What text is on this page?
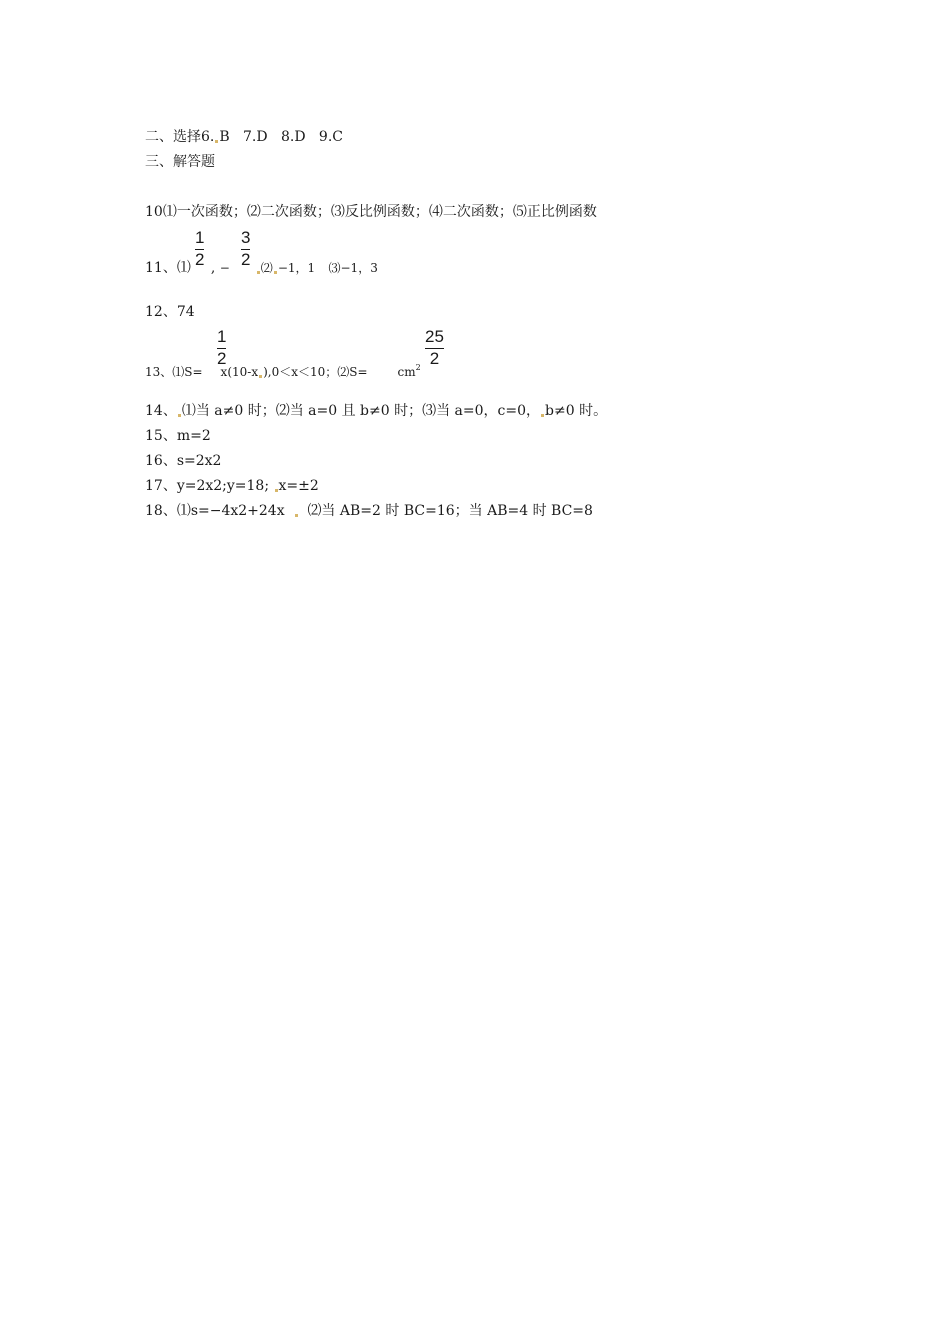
二、选择6. B 7.D 8.D 9.C
三、解答题
10⑴一次函数；⑵二次函数；⑶反比例函数；⑷二次函数；⑸正比例函数
$\frac{1}{2} \frac{3}{2}$
11、⑴ , −	⑵ −1，1 ⑶−1，3
12、74
$\frac{1}{2}$	$\frac{25}{2}$
13、⑴S= x(10-x ),0＜x＜10；⑵S=	$cm^2$
14、 ⑴当 a≠0 时；⑵当 a=0 且 b≠0 时；⑶当 a=0，c=0， b≠0 时。
15、m=2
16、s=2x2
17、y=2x2;y=18; x=±2
18、⑴s=−4x2+24x ⑵当 AB=2 时 BC=16；当 AB=4 时 BC=8
